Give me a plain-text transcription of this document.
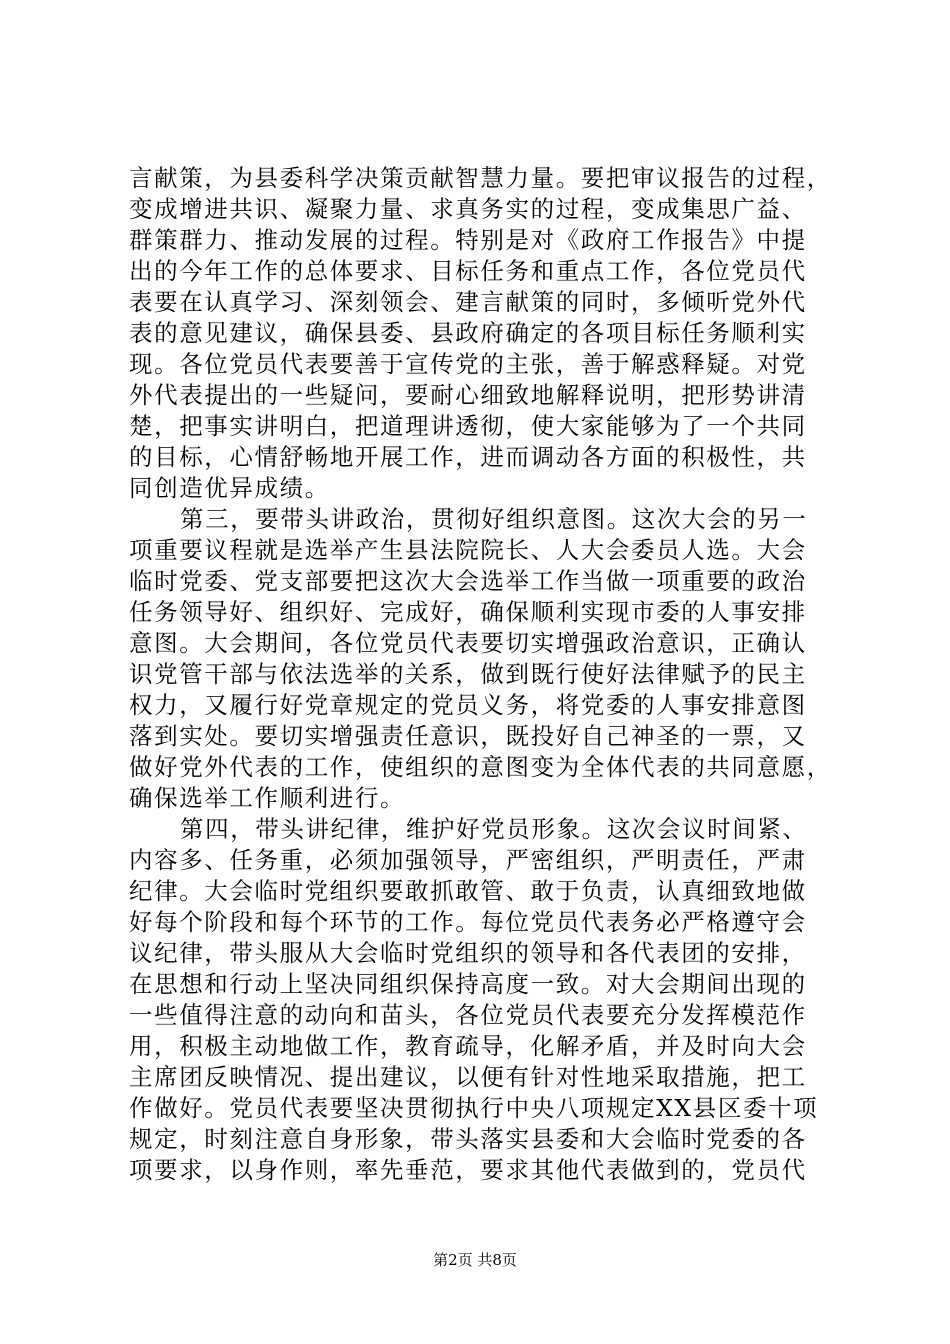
言献策，为县委科学决策贡献智慧力量。要把审议报告的过程，
变成增进共识、凝聚力量、求真务实的过程，变成集思广益、
群策群力、推动发展的过程。特别是对《政府工作报告》中提
出的今年工作的总体要求、目标任务和重点工作，各位党员代
表要在认真学习、深刻领会、建言献策的同时，多倾听党外代
表的意见建议，确保县委、县政府确定的各项目标任务顺利实
现。各位党员代表要善于宣传党的主张，善于解惑释疑。对党
外代表提出的一些疑问，要耐心细致地解释说明，把形势讲清
楚，把事实讲明白，把道理讲透彻，使大家能够为了一个共同
的目标，心情舒畅地开展工作，进而调动各方面的积极性，共
同创造优异成绩。
第三，要带头讲政治，贯彻好组织意图。这次大会的另一
项重要议程就是选举产生县法院院长、人大会委员人选。大会
临时党委、党支部要把这次大会选举工作当做一项重要的政治
任务领导好、组织好、完成好，确保顺利实现市委的人事安排
意图。大会期间，各位党员代表要切实增强政治意识，正确认
识党管干部与依法选举的关系，做到既行使好法律赋予的民主
权力，又履行好党章规定的党员义务，将党委的人事安排意图
落到实处。要切实增强责任意识，既投好自己神圣的一票，又
做好党外代表的工作，使组织的意图变为全体代表的共同意愿，
确保选举工作顺利进行。
第四，带头讲纪律，维护好党员形象。这次会议时间紧、
内容多、任务重，必须加强领导，严密组织，严明责任，严肃
纪律。大会临时党组织要敢抓敢管、敢于负责，认真细致地做
好每个阶段和每个环节的工作。每位党员代表务必严格遵守会
议纪律，带头服从大会临时党组织的领导和各代表团的安排，
在思想和行动上坚决同组织保持高度一致。对大会期间出现的
一些值得注意的动向和苗头，各位党员代表要充分发挥模范作
用，积极主动地做工作，教育疏导，化解矛盾，并及时向大会
主席团反映情况、提出建议，以便有针对性地采取措施，把工
作做好。党员代表要坚决贯彻执行中央八项规定XX县区委十项
规定，时刻注意自身形象，带头落实县委和大会临时党委的各
项要求，以身作则，率先垂范，要求其他代表做到的，党员代
第2页 共8页
